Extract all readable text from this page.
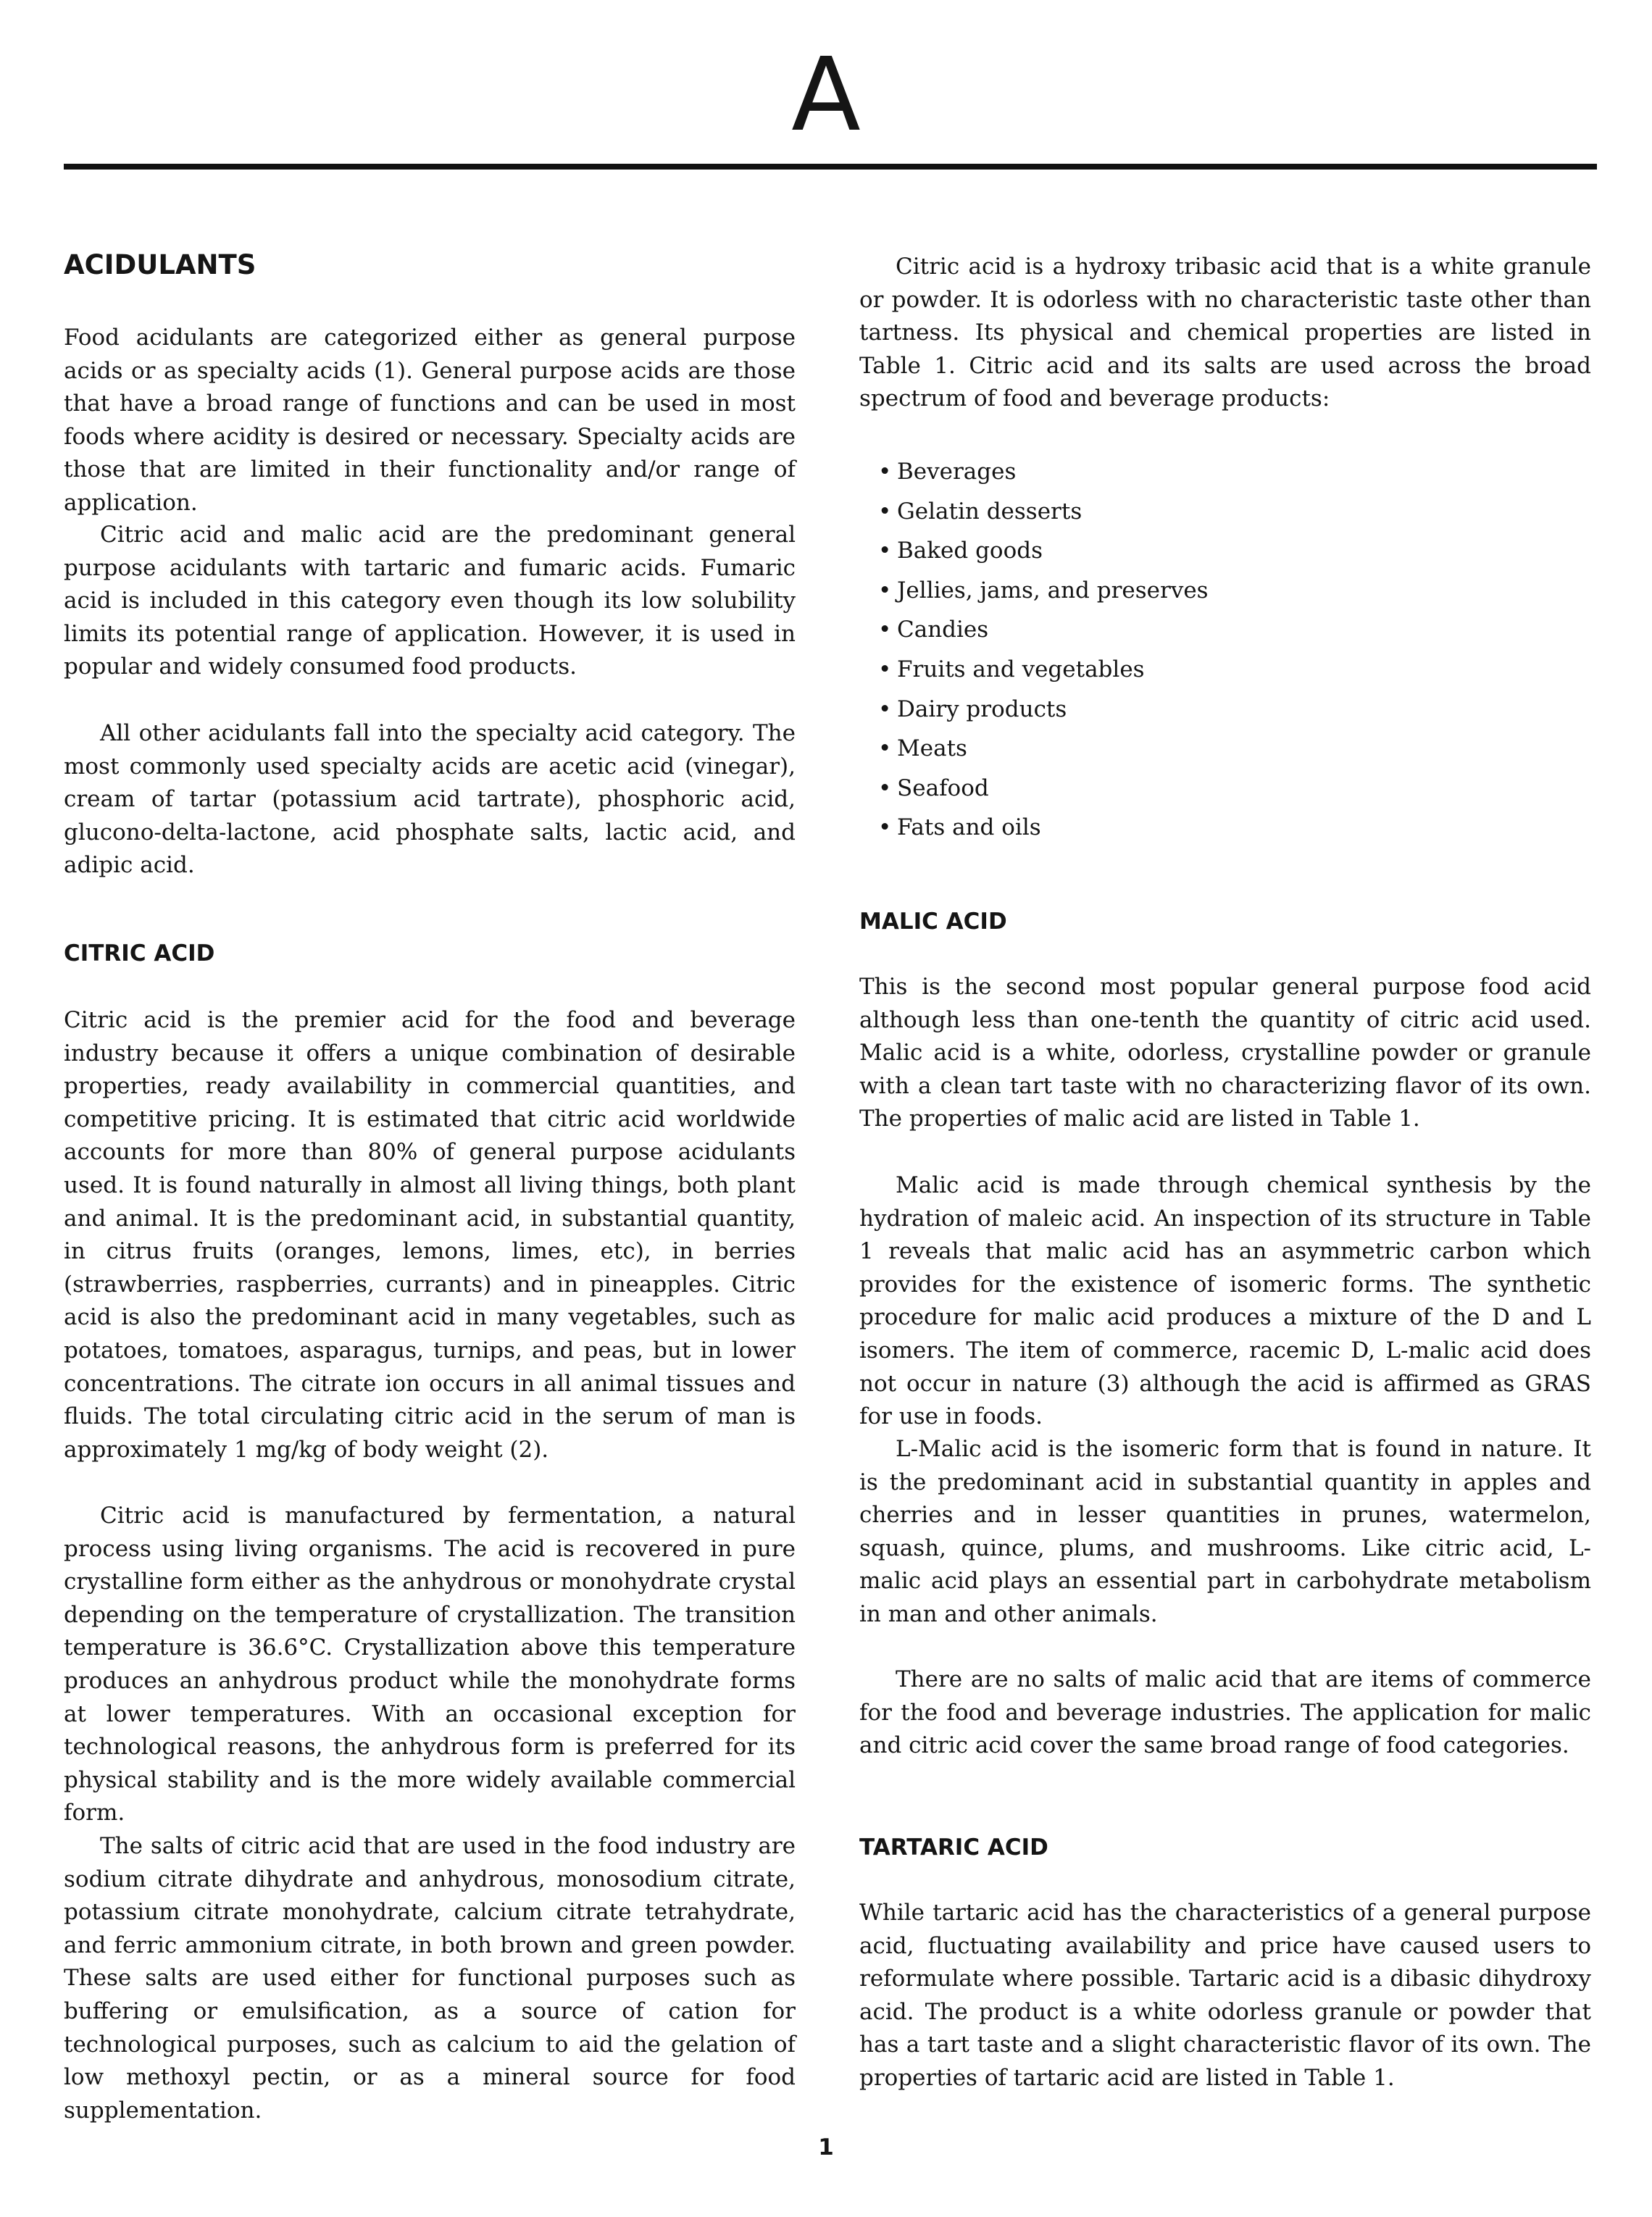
A
ACIDULANTS
Food acidulants are categorized either as general purpose acids or as specialty acids (1). General purpose acids are those that have a broad range of functions and can be used in most foods where acidity is desired or necessary. Specialty acids are those that are limited in their functionality and/or range of application.
Citric acid and malic acid are the predominant general purpose acidulants with tartaric and fumaric acids. Fumaric acid is included in this category even though its low solubility limits its potential range of application. However, it is used in popular and widely consumed food products.
All other acidulants fall into the specialty acid category. The most commonly used specialty acids are acetic acid (vinegar), cream of tartar (potassium acid tartrate), phosphoric acid, glucono-delta-lactone, acid phosphate salts, lactic acid, and adipic acid.
CITRIC ACID
Citric acid is the premier acid for the food and beverage industry because it offers a unique combination of desirable properties, ready availability in commercial quantities, and competitive pricing. It is estimated that citric acid worldwide accounts for more than 80% of general purpose acidulants used. It is found naturally in almost all living things, both plant and animal. It is the predominant acid, in substantial quantity, in citrus fruits (oranges, lemons, limes, etc), in berries (strawberries, raspberries, currants) and in pineapples. Citric acid is also the predominant acid in many vegetables, such as potatoes, tomatoes, asparagus, turnips, and peas, but in lower concentrations. The citrate ion occurs in all animal tissues and fluids. The total circulating citric acid in the serum of man is approximately 1 mg/kg of body weight (2).
Citric acid is manufactured by fermentation, a natural process using living organisms. The acid is recovered in pure crystalline form either as the anhydrous or monohydrate crystal depending on the temperature of crystallization. The transition temperature is 36.6°C. Crystallization above this temperature produces an anhydrous product while the monohydrate forms at lower temperatures. With an occasional exception for technological reasons, the anhydrous form is preferred for its physical stability and is the more widely available commercial form.
The salts of citric acid that are used in the food industry are sodium citrate dihydrate and anhydrous, monosodium citrate, potassium citrate monohydrate, calcium citrate tetrahydrate, and ferric ammonium citrate, in both brown and green powder. These salts are used either for functional purposes such as buffering or emulsification, as a source of cation for technological purposes, such as calcium to aid the gelation of low methoxyl pectin, or as a mineral source for food supplementation.
Citric acid is a hydroxy tribasic acid that is a white granule or powder. It is odorless with no characteristic taste other than tartness. Its physical and chemical properties are listed in Table 1. Citric acid and its salts are used across the broad spectrum of food and beverage products:
• Beverages
• Gelatin desserts
• Baked goods
• Jellies, jams, and preserves
• Candies
• Fruits and vegetables
• Dairy products
• Meats
• Seafood
• Fats and oils
MALIC ACID
This is the second most popular general purpose food acid although less than one-tenth the quantity of citric acid used. Malic acid is a white, odorless, crystalline powder or granule with a clean tart taste with no characterizing flavor of its own. The properties of malic acid are listed in Table 1.
Malic acid is made through chemical synthesis by the hydration of maleic acid. An inspection of its structure in Table 1 reveals that malic acid has an asymmetric carbon which provides for the existence of isomeric forms. The synthetic procedure for malic acid produces a mixture of the D and L isomers. The item of commerce, racemic D, L-malic acid does not occur in nature (3) although the acid is affirmed as GRAS for use in foods.
L-Malic acid is the isomeric form that is found in nature. It is the predominant acid in substantial quantity in apples and cherries and in lesser quantities in prunes, watermelon, squash, quince, plums, and mushrooms. Like citric acid, L-malic acid plays an essential part in carbohydrate metabolism in man and other animals.
There are no salts of malic acid that are items of commerce for the food and beverage industries. The application for malic and citric acid cover the same broad range of food categories.
TARTARIC ACID
While tartaric acid has the characteristics of a general purpose acid, fluctuating availability and price have caused users to reformulate where possible. Tartaric acid is a dibasic dihydroxy acid. The product is a white odorless granule or powder that has a tart taste and a slight characteristic flavor of its own. The properties of tartaric acid are listed in Table 1.
1
